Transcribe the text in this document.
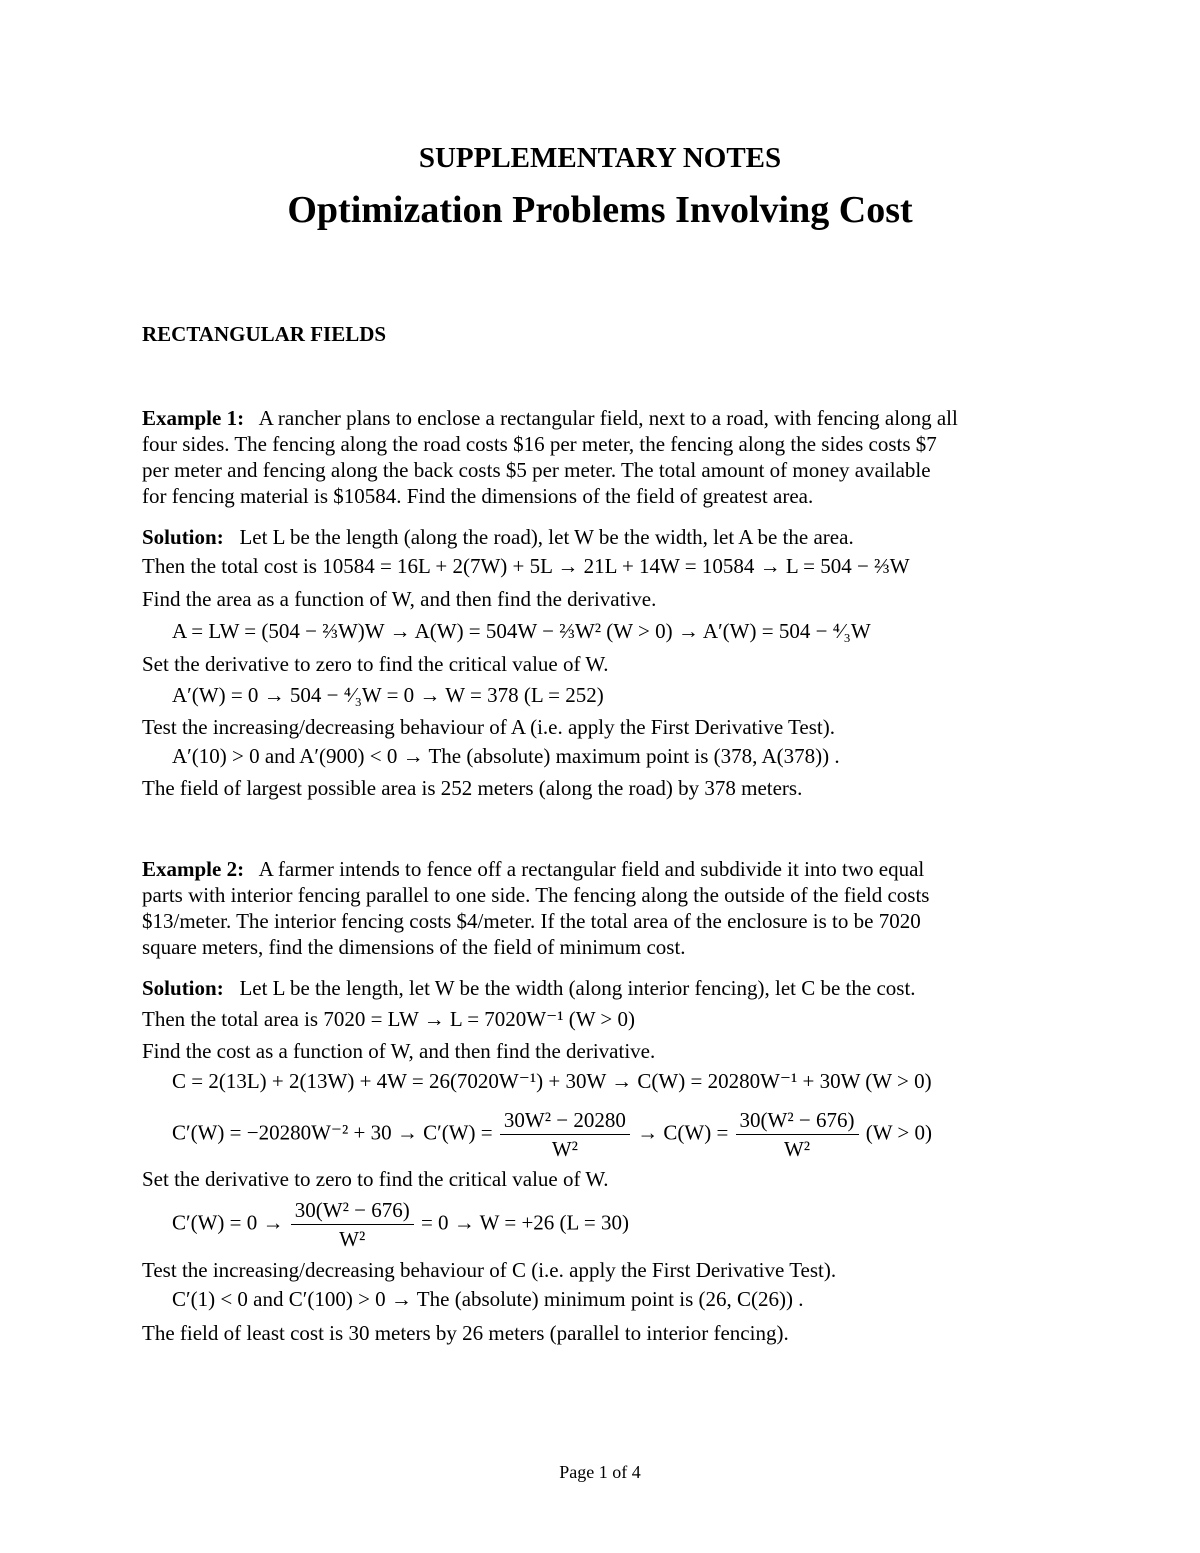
SUPPLEMENTARY NOTES
Optimization Problems Involving Cost
RECTANGULAR FIELDS
Example 1: A rancher plans to enclose a rectangular field, next to a road, with fencing along all
four sides. The fencing along the road costs $16 per meter, the fencing along the sides costs $7
per meter and fencing along the back costs $5 per meter. The total amount of money available
for fencing material is $10584. Find the dimensions of the field of greatest area.
Solution: Let L be the length (along the road), let W be the width, let A be the area.
Then the total cost is 10584 = 16L + 2(7W) + 5L → 21L + 14W = 10584 → L = 504 − ⅔W
Find the area as a function of W, and then find the derivative.
A = LW = (504 − ⅔W)W → A(W) = 504W − ⅔W² (W > 0) → A′(W) = 504 − ⁴⁄₃W
Set the derivative to zero to find the critical value of W.
A′(W) = 0 → 504 − ⁴⁄₃W = 0 → W = 378 (L = 252)
Test the increasing/decreasing behaviour of A (i.e. apply the First Derivative Test).
A′(10) > 0 and A′(900) < 0 → The (absolute) maximum point is (378, A(378)) .
The field of largest possible area is 252 meters (along the road) by 378 meters.
Example 2: A farmer intends to fence off a rectangular field and subdivide it into two equal
parts with interior fencing parallel to one side. The fencing along the outside of the field costs
$13/meter. The interior fencing costs $4/meter. If the total area of the enclosure is to be 7020
square meters, find the dimensions of the field of minimum cost.
Solution: Let L be the length, let W be the width (along interior fencing), let C be the cost.
Then the total area is 7020 = LW → L = 7020W⁻¹ (W > 0)
Find the cost as a function of W, and then find the derivative.
C = 2(13L) + 2(13W) + 4W = 26(7020W⁻¹) + 30W → C(W) = 20280W⁻¹ + 30W (W > 0)
$C'(W) = -20280W^{-2} + 30 \to C'(W) = \frac{\text{30W² − 20280}}{\text{W²}} \to C(W) = \frac{\text{30(W² − 676)}}{\text{W²}} (W > 0)$
Set the derivative to zero to find the critical value of W.
$C'(W) = 0 \to \frac{\text{30(W² − 676)}}{\text{W²}} = 0 \to W = +26$ (L = 30)
Test the increasing/decreasing behaviour of C (i.e. apply the First Derivative Test).
C′(1) < 0 and C′(100) > 0 → The (absolute) minimum point is (26, C(26)) .
The field of least cost is 30 meters by 26 meters (parallel to interior fencing).
Page 1 of 4
